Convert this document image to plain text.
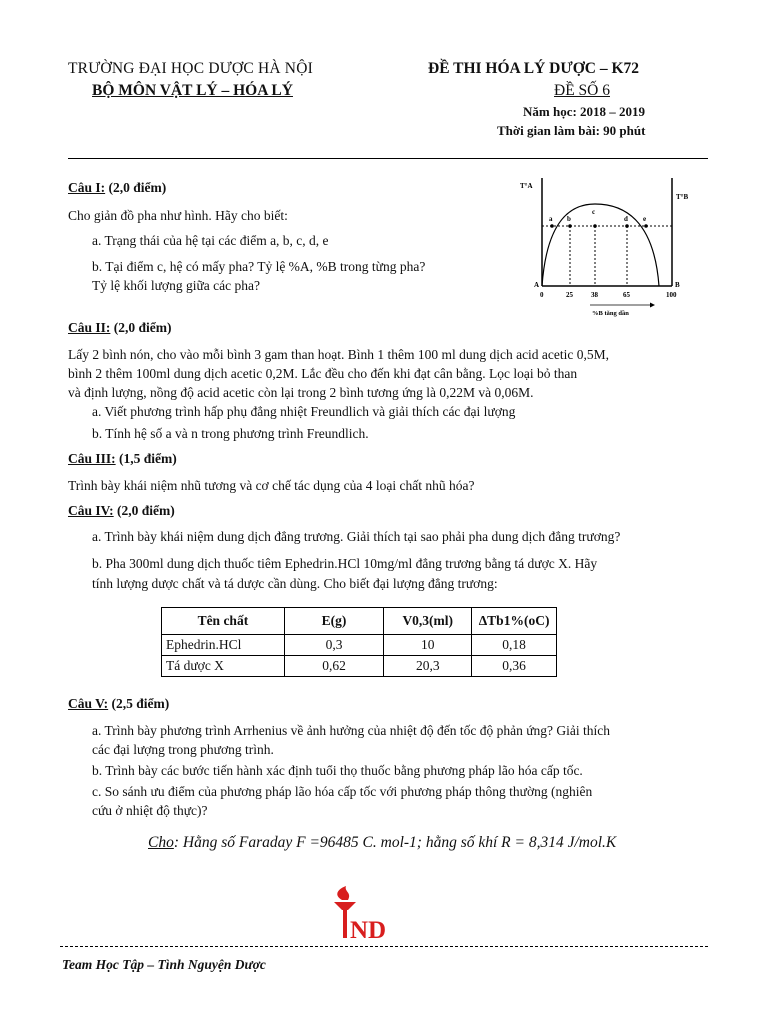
TRƯỜNG ĐẠI HỌC DƯỢC HÀ NỘI
BỘ MÔN VẬT LÝ – HÓA LÝ
ĐỀ THI HÓA LÝ DƯỢC – K72
ĐỀ SỐ 6
Năm học: 2018 – 2019
Thời gian làm bài: 90 phút
Câu I: (2,0 điểm)
Cho giản đồ pha như hình. Hãy cho biết:
a. Trạng thái của hệ tại các điểm a, b, c, d, e
b. Tại điểm c, hệ có mấy pha? Tỷ lệ %A, %B trong từng pha?
Tỷ lệ khối lượng giữa các pha?
T°A
T°B
a b
c
d e
A	B
0	25	38	65	100
%B tăng dần
Câu II: (2,0 điểm)
Lấy 2 bình nón, cho vào mỗi bình 3 gam than hoạt. Bình 1 thêm 100 ml dung dịch acid acetic 0,5M,
bình 2 thêm 100ml dung dịch acetic 0,2M. Lắc đều cho đến khi đạt cân bằng. Lọc loại bỏ than
và định lượng, nồng độ acid acetic còn lại trong 2 bình tương ứng là 0,22M và 0,06M.
a. Viết phương trình hấp phụ đẳng nhiệt Freundlich và giải thích các đại lượng
b. Tính hệ số a và n trong phương trình Freundlich.
Câu III: (1,5 điểm)
Trình bày khái niệm nhũ tương và cơ chế tác dụng của 4 loại chất nhũ hóa?
Câu IV: (2,0 điểm)
a. Trình bày khái niệm dung dịch đẳng trương. Giải thích tại sao phải pha dung dịch đẳng trương?
b. Pha 300ml dung dịch thuốc tiêm Ephedrin.HCl 10mg/ml đẳng trương bằng tá dược X. Hãy
tính lượng dược chất và tá dược cần dùng. Cho biết đại lượng đẳng trương:
Tên chất	E(g)	V0,3(ml)	ΔTb1%(oC)
Ephedrin.HCl	0,3	10	0,18
Tá dược X	0,62	20,3	0,36
Câu V: (2,5 điểm)
a. Trình bày phương trình Arrhenius về ảnh hưởng của nhiệt độ đến tốc độ phản ứng? Giải thích
các đại lượng trong phương trình.
b. Trình bày các bước tiến hành xác định tuổi thọ thuốc bằng phương pháp lão hóa cấp tốc.
c. So sánh ưu điểm của phương pháp lão hóa cấp tốc với phương pháp thông thường (nghiên
cứu ở nhiệt độ thực)?
Cho: Hằng số Faraday F =96485 C. mol-1; hằng số khí R = 8,314 J/mol.K
ND
Team Học Tập – Tình Nguyện Dược
